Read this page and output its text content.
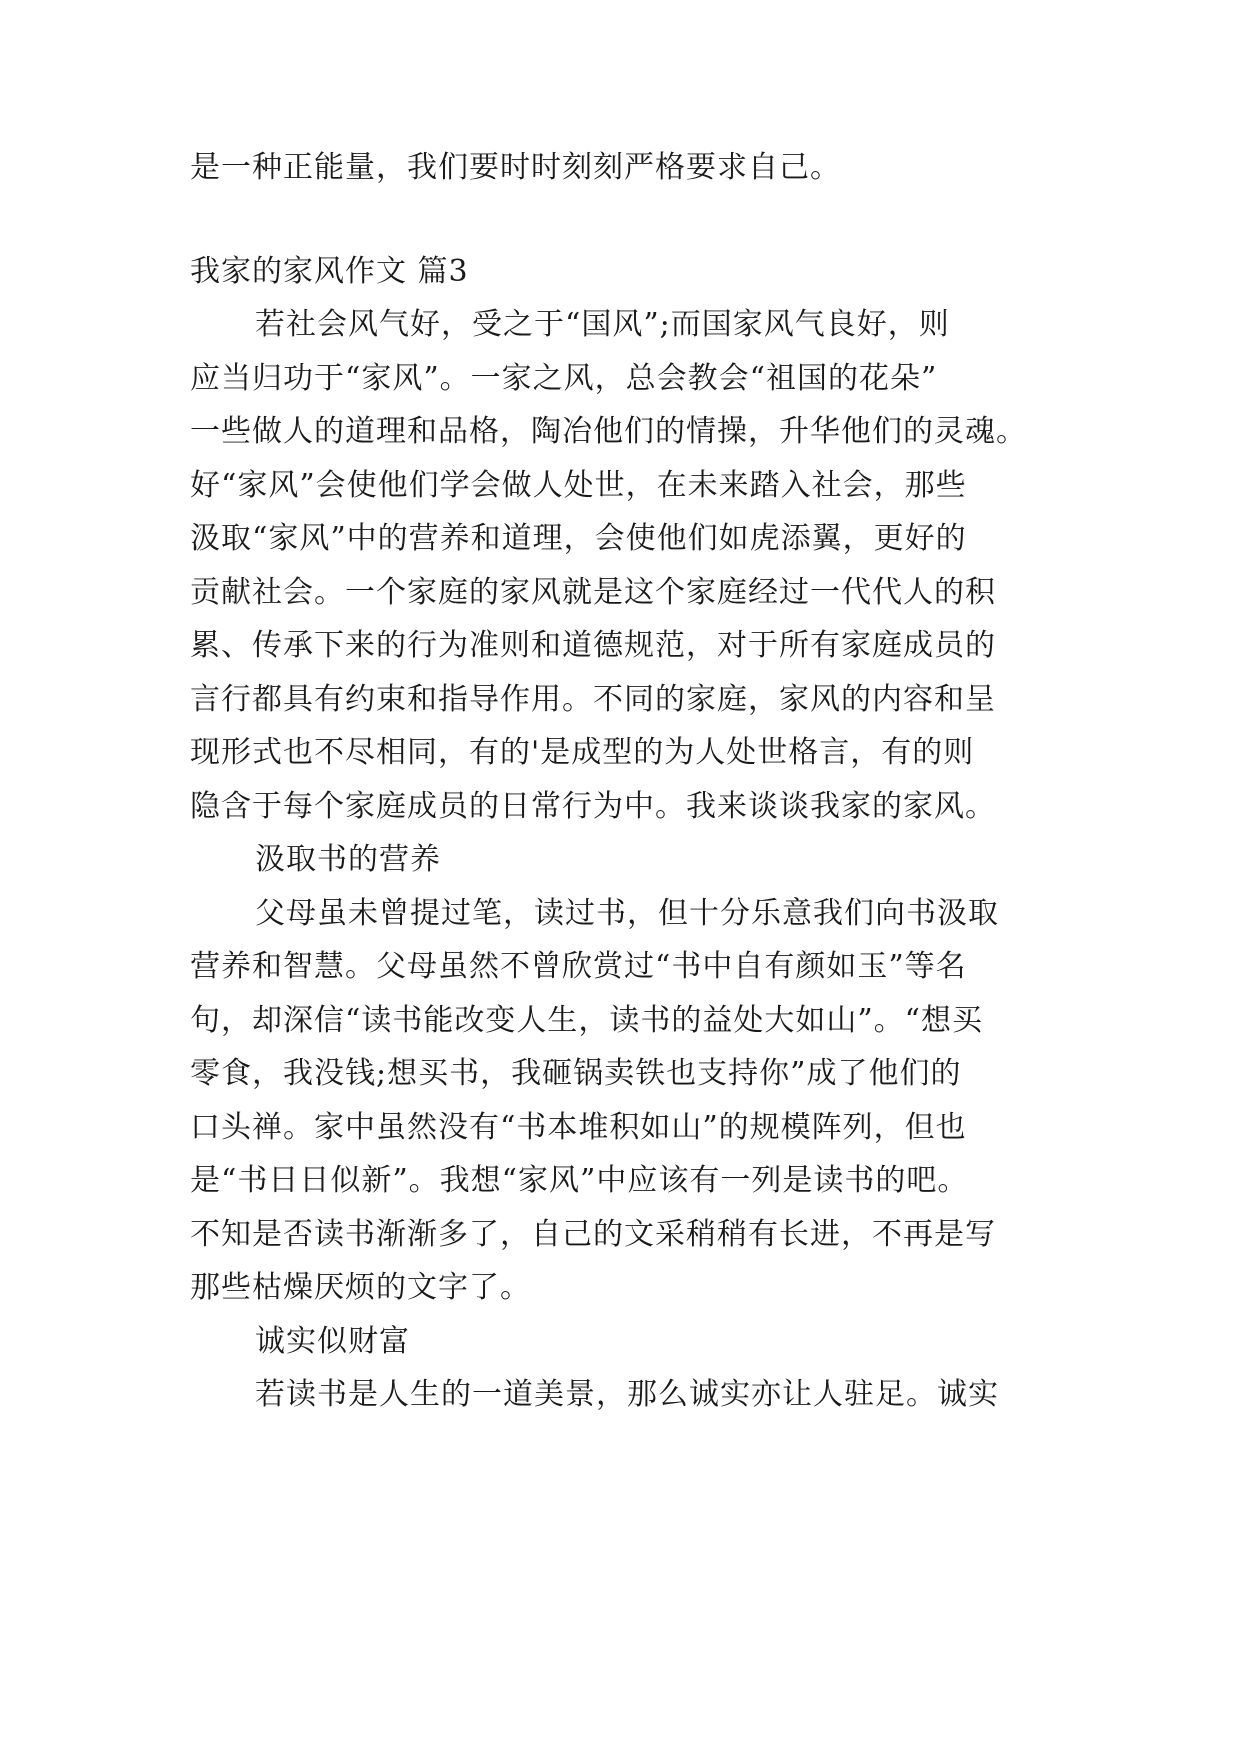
是一种正能量，我们要时时刻刻严格要求自己。
我家的家风作文 篇3
若社会风气好，受之于“国风”;而国家风气良好，则
应当归功于“家风”。一家之风，总会教会“祖国的花朵”
一些做人的道理和品格，陶冶他们的情操，升华他们的灵魂。
好“家风”会使他们学会做人处世，在未来踏入社会，那些
汲取“家风”中的营养和道理，会使他们如虎添翼，更好的
贡献社会。一个家庭的家风就是这个家庭经过一代代人的积
累、传承下来的行为准则和道德规范，对于所有家庭成员的
言行都具有约束和指导作用。不同的家庭，家风的内容和呈
现形式也不尽相同，有的'是成型的为人处世格言，有的则
隐含于每个家庭成员的日常行为中。我来谈谈我家的家风。
汲取书的营养
父母虽未曾提过笔，读过书，但十分乐意我们向书汲取
营养和智慧。父母虽然不曾欣赏过“书中自有颜如玉”等名
句，却深信“读书能改变人生，读书的益处大如山”。“想买
零食，我没钱;想买书，我砸锅卖铁也支持你”成了他们的
口头禅。家中虽然没有“书本堆积如山”的规模阵列，但也
是“书日日似新”。我想“家风”中应该有一列是读书的吧。
不知是否读书渐渐多了，自己的文采稍稍有长进，不再是写
那些枯燥厌烦的文字了。
诚实似财富
若读书是人生的一道美景，那么诚实亦让人驻足。诚实
